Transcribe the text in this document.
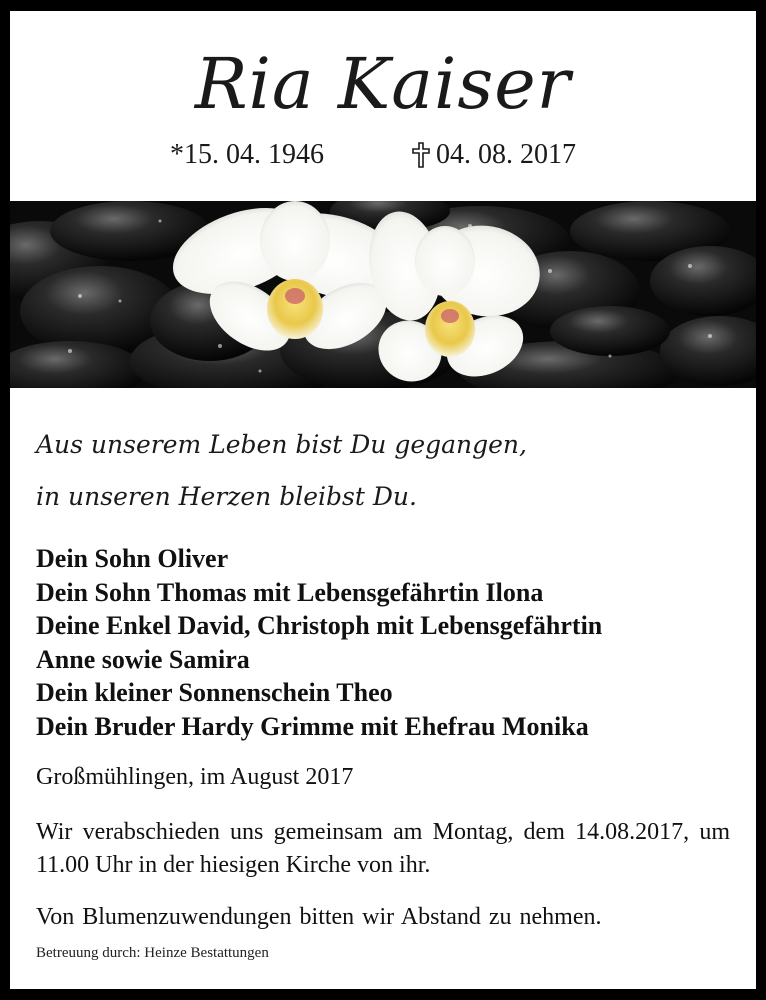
Ria Kaiser
*15. 04. 1946	04. 08. 2017
Aus unserem Leben bist Du gegangen,
in unseren Herzen bleibst Du.
Dein Sohn Oliver
Dein Sohn Thomas mit Lebensgefährtin Ilona
Deine Enkel David, Christoph mit Lebensgefährtin
Anne sowie Samira
Dein kleiner Sonnenschein Theo
Dein Bruder Hardy Grimme mit Ehefrau Monika
Großmühlingen, im August 2017
Wir verabschieden uns gemeinsam am Montag, dem 14.08.2017, um 11.00 Uhr in der hiesigen Kirche von ihr.
Von Blumenzuwendungen bitten wir Abstand zu nehmen.
Betreuung durch: Heinze Bestattungen
